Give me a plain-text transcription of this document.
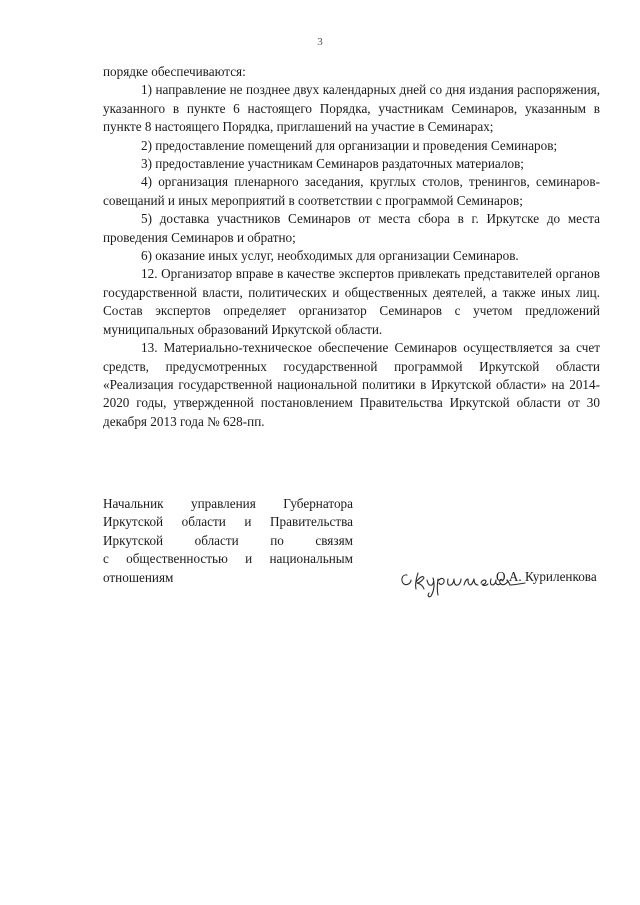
3

порядке обеспечиваются:

1) направление не позднее двух календарных дней со дня издания распоряжения, указанного в пункте 6 настоящего Порядка, участникам Семинаров, указанным в пункте 8 настоящего Порядка, приглашений на участие в Семинарах;

2) предоставление помещений для организации и проведения Семинаров;

3) предоставление участникам Семинаров раздаточных материалов;

4) организация пленарного заседания, круглых столов, тренингов, семинаров-совещаний и иных мероприятий в соответствии с программой Семинаров;

5) доставка участников Семинаров от места сбора в г. Иркутске до места проведения Семинаров и обратно;

6) оказание иных услуг, необходимых для организации Семинаров.

12. Организатор вправе в качестве экспертов привлекать представителей органов государственной власти, политических и общественных деятелей, а также иных лиц. Состав экспертов определяет организатор Семинаров с учетом предложений муниципальных образований Иркутской области.

13. Материально-техническое обеспечение Семинаров осуществляется за счет средств, предусмотренных государственной программой Иркутской области «Реализация государственной национальной политики в Иркутской области» на 2014-2020 годы, утвержденной постановлением Правительства Иркутской области от 30 декабря 2013 года № 628-пп.

Начальник управления Губернатора

Иркутской области и Правительства

Иркутской области по связям

с общественностью и национальным

отношениям	О.А. Куриленкова
